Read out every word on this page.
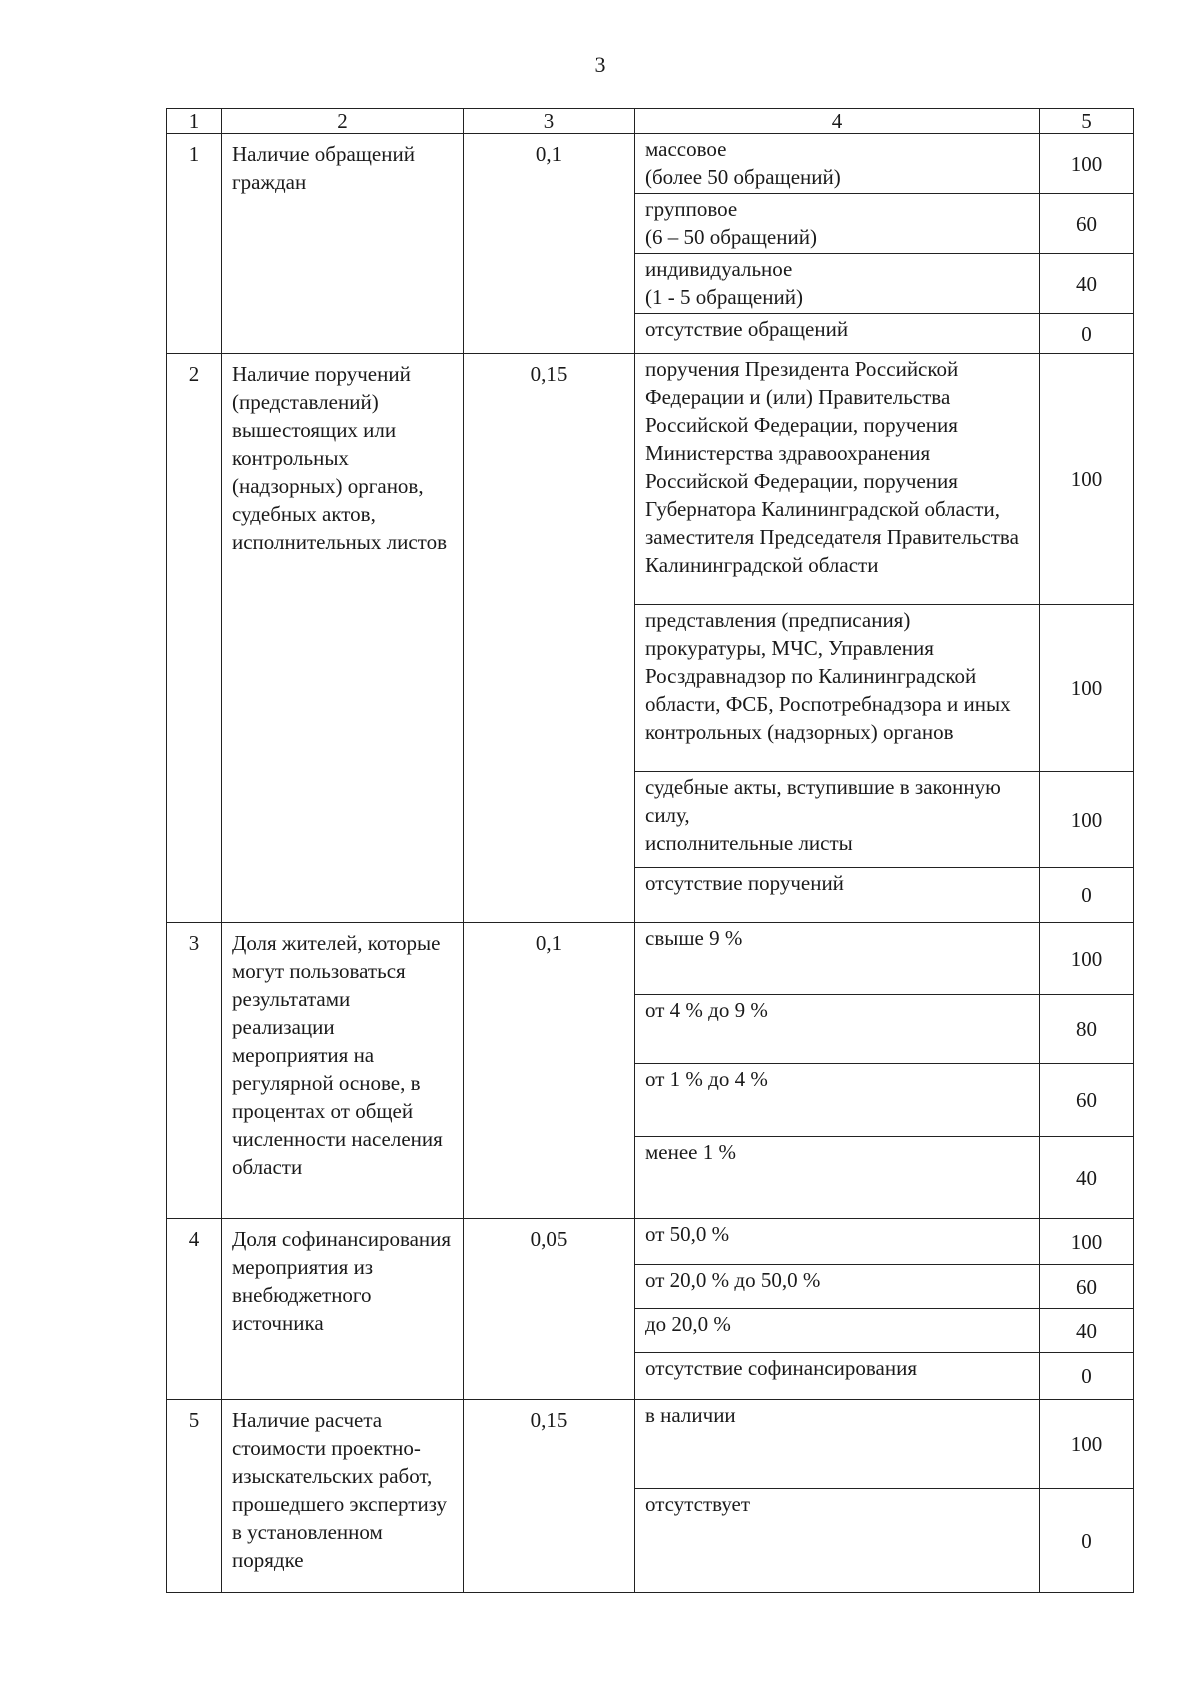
3
1	2	3	4	5
1	Наличие обращений граждан	0,1	массовое
(более 50 обращений)	100
			групповое
(6 – 50 обращений)	60
			индивидуальное
(1 - 5 обращений)	40
			отсутствие обращений	0
2	Наличие поручений (представлений) вышестоящих или контрольных (надзорных) органов, судебных актов, исполнительных листов	0,15	поручения Президента Российской Федерации и (или) Правительства Российской Федерации, поручения Министерства здравоохранения Российской Федерации, поручения Губернатора Калининградской области, заместителя Председателя Правительства Калининградской области	100
			представления (предписания) прокуратуры, МЧС, Управления Росздравнадзор по Калининградской области, ФСБ, Роспотребнадзора и иных контрольных (надзорных) органов	100
			судебные акты, вступившие в законную силу,
исполнительные листы	100
			отсутствие поручений	0
3	Доля жителей, которые могут пользоваться результатами реализации мероприятия на регулярной основе, в процентах от общей численности населения области	0,1	свыше 9 %	100
			от 4 % до 9 %	80
			от 1 % до 4 %	60
			менее 1 %	40
4	Доля софинансирования мероприятия из внебюджетного источника	0,05	от 50,0 %	100
			от 20,0 % до 50,0 %	60
			до 20,0 %	40
			отсутствие софинансирования	0
5	Наличие расчета стоимости проектно-изыскательских работ, прошедшего экспертизу в установленном порядке	0,15	в наличии	100
			отсутствует	0
